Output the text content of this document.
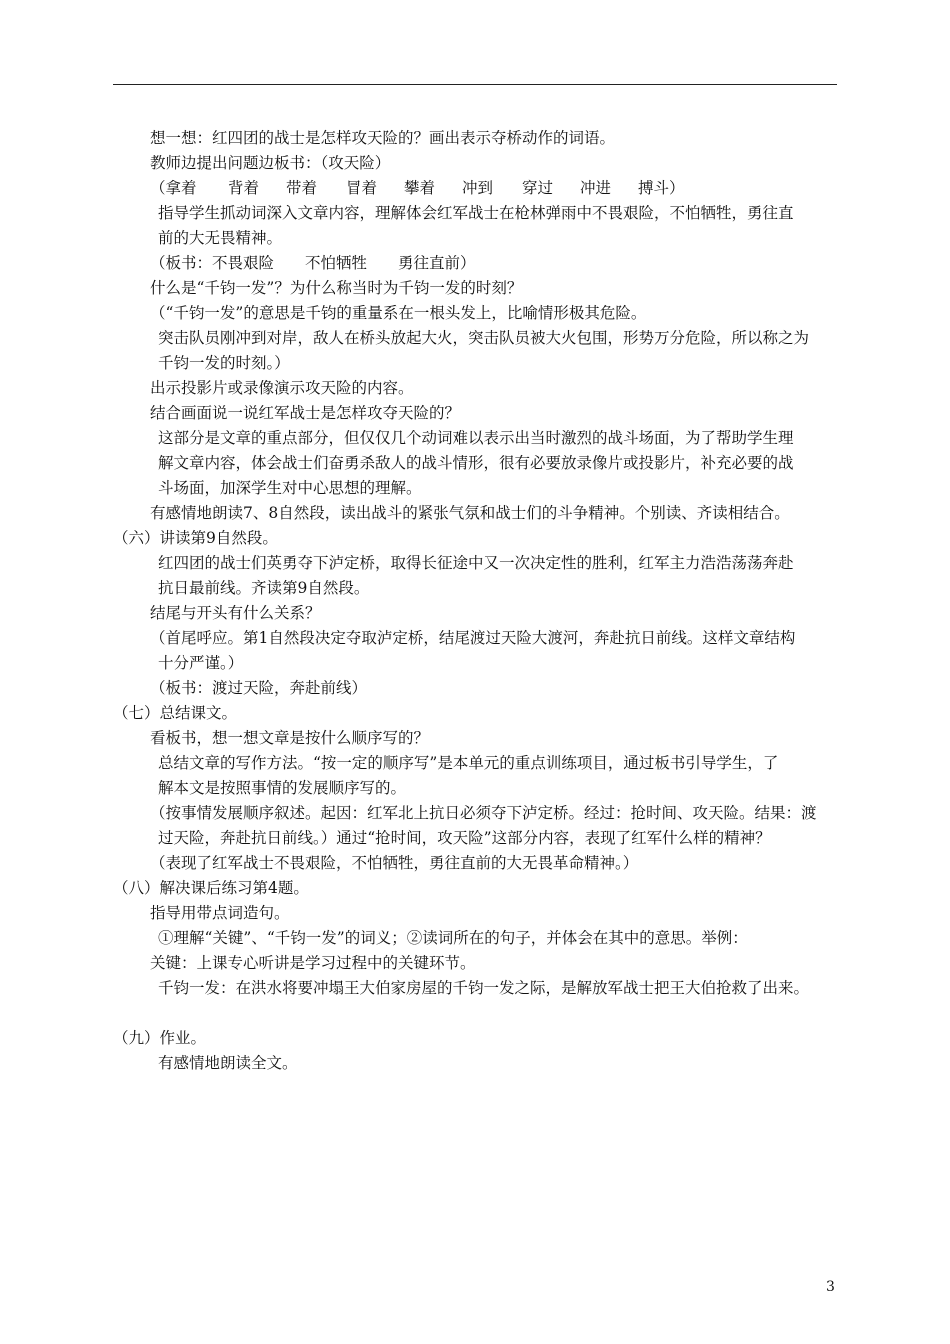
想一想：红四团的战士是怎样攻天险的？画出表示夺桥动作的词语。

教师边提出问题边板书：（攻天险）

（拿着 背着 带着 冒着 攀着 冲到 穿过 冲进 搏斗）

指导学生抓动词深入文章内容，理解体会红军战士在枪林弹雨中不畏艰险，不怕牺牲，勇往直

前的大无畏精神。

（板书：不畏艰险　　不怕牺牲　　勇往直前）

什么是“千钧一发”？为什么称当时为千钧一发的时刻？

（“千钧一发”的意思是千钧的重量系在一根头发上，比喻情形极其危险。

突击队员刚冲到对岸，敌人在桥头放起大火，突击队员被大火包围，形势万分危险，所以称之为

千钧一发的时刻。）

出示投影片或录像演示攻天险的内容。

结合画面说一说红军战士是怎样攻夺天险的？

这部分是文章的重点部分，但仅仅几个动词难以表示出当时激烈的战斗场面，为了帮助学生理

解文章内容，体会战士们奋勇杀敌人的战斗情形，很有必要放录像片或投影片，补充必要的战

斗场面，加深学生对中心思想的理解。

有感情地朗读7、8自然段，读出战斗的紧张气氛和战士们的斗争精神。个别读、齐读相结合。

（六）讲读第9自然段。

红四团的战士们英勇夺下泸定桥，取得长征途中又一次决定性的胜利，红军主力浩浩荡荡奔赴

抗日最前线。齐读第9自然段。

结尾与开头有什么关系？

（首尾呼应。第1自然段决定夺取泸定桥，结尾渡过天险大渡河，奔赴抗日前线。这样文章结构

十分严谨。）

（板书：渡过天险，奔赴前线）

（七）总结课文。

看板书，想一想文章是按什么顺序写的？

总结文章的写作方法。“按一定的顺序写”是本单元的重点训练项目，通过板书引导学生，了

解本文是按照事情的发展顺序写的。

（按事情发展顺序叙述。起因：红军北上抗日必须夺下泸定桥。经过：抢时间、攻天险。结果：渡

过天险，奔赴抗日前线。）通过“抢时间，攻天险”这部分内容，表现了红军什么样的精神？

（表现了红军战士不畏艰险，不怕牺牲，勇往直前的大无畏革命精神。）

（八）解决课后练习第4题。

指导用带点词造句。

①理解“关键”、“千钧一发”的词义；②读词所在的句子，并体会在其中的意思。举例：

关键：上课专心听讲是学习过程中的关键环节。

千钧一发：在洪水将要冲塌王大伯家房屋的千钧一发之际，是解放军战士把王大伯抢救了出来。

（九）作业。

有感情地朗读全文。

3
